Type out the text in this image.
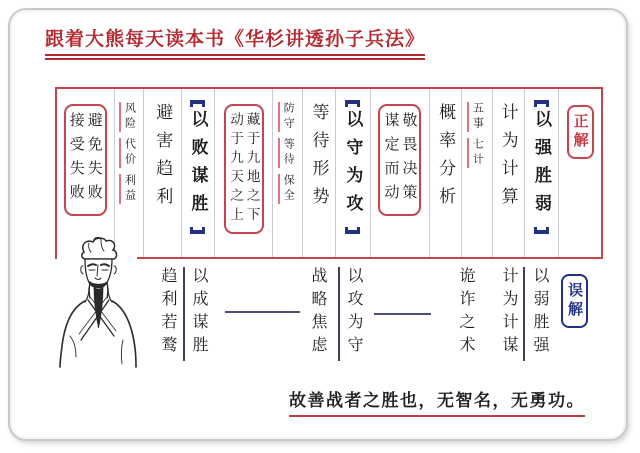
跟着大熊每天读本书《华杉讲透孙子兵法》
正解
以强胜弱
计为计算
五事七计
概率分析
敬畏决策
谋定而动
以守为攻
等待形势
防守等待保全
藏于九地之下
动于九天之上
以败谋胜
避害趋利
风险代价利益
避免失败
接受失败
以弱胜强
计为计谋
诡诈之术
以攻为守
战略焦虑
以成谋胜
趋利若鹜	误解
故善战者之胜也，无智名，无勇功。
